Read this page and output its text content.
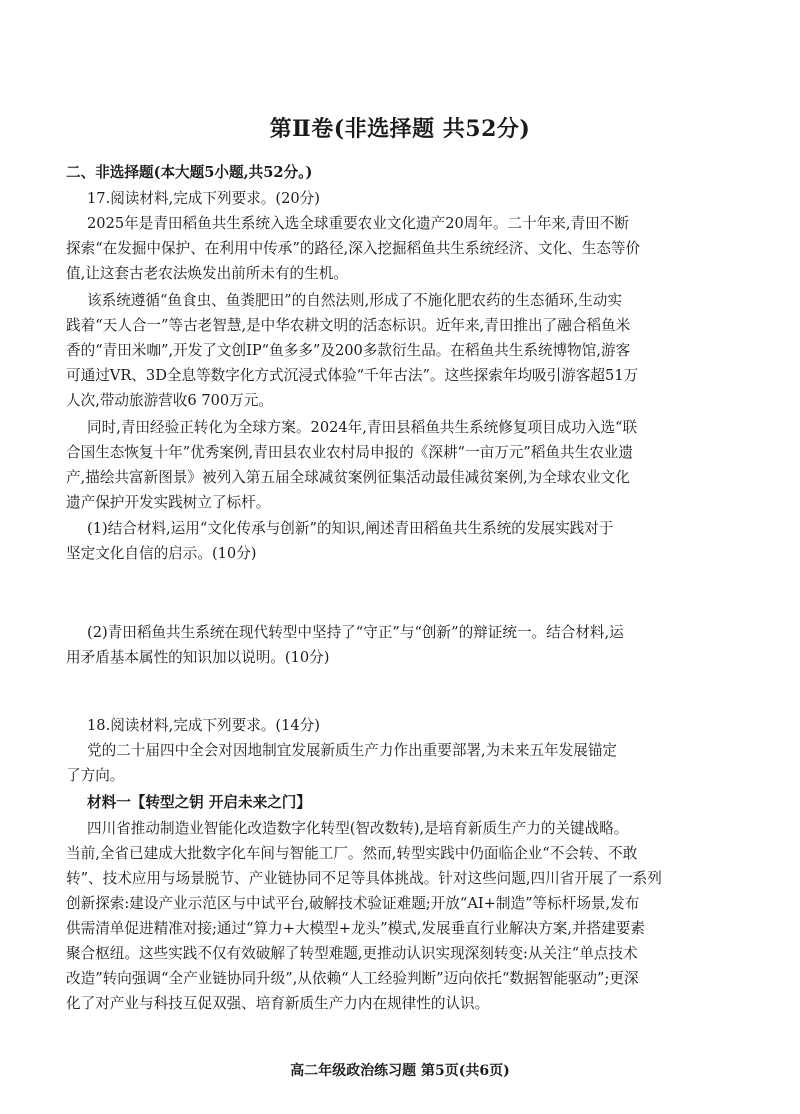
第Ⅱ卷(非选择题 共52分)
二、非选择题(本大题5小题,共52分。)
17.阅读材料,完成下列要求。(20分)
2025年是青田稻鱼共生系统入选全球重要农业文化遗产20周年。二十年来,青田不断
探索“在发掘中保护、在利用中传承”的路径,深入挖掘稻鱼共生系统经济、文化、生态等价
值,让这套古老农法焕发出前所未有的生机。
该系统遵循“鱼食虫、鱼粪肥田”的自然法则,形成了不施化肥农药的生态循环,生动实
践着“天人合一”等古老智慧,是中华农耕文明的活态标识。近年来,青田推出了融合稻鱼米
香的“青田米咖”,开发了文创IP“鱼多多”及200多款衍生品。在稻鱼共生系统博物馆,游客
可通过VR、3D全息等数字化方式沉浸式体验“千年古法”。这些探索年均吸引游客超51万
人次,带动旅游营收6 700万元。
同时,青田经验正转化为全球方案。2024年,青田县稻鱼共生系统修复项目成功入选“联
合国生态恢复十年”优秀案例,青田县农业农村局申报的《深耕“一亩万元”稻鱼共生农业遗
产,描绘共富新图景》被列入第五届全球减贫案例征集活动最佳减贫案例,为全球农业文化
遗产保护开发实践树立了标杆。
(1)结合材料,运用“文化传承与创新”的知识,阐述青田稻鱼共生系统的发展实践对于
坚定文化自信的启示。(10分)
(2)青田稻鱼共生系统在现代转型中坚持了“守正”与“创新”的辩证统一。结合材料,运
用矛盾基本属性的知识加以说明。(10分)
18.阅读材料,完成下列要求。(14分)
党的二十届四中全会对因地制宜发展新质生产力作出重要部署,为未来五年发展锚定
了方向。
材料一【转型之钥 开启未来之门】
四川省推动制造业智能化改造数字化转型(智改数转),是培育新质生产力的关键战略。
当前,全省已建成大批数字化车间与智能工厂。然而,转型实践中仍面临企业“不会转、不敢
转”、技术应用与场景脱节、产业链协同不足等具体挑战。针对这些问题,四川省开展了一系列
创新探索:建设产业示范区与中试平台,破解技术验证难题;开放“AI+制造”等标杆场景,发布
供需清单促进精准对接;通过“算力+大模型+龙头”模式,发展垂直行业解决方案,并搭建要素
聚合枢纽。这些实践不仅有效破解了转型难题,更推动认识实现深刻转变:从关注“单点技术
改造”转向强调“全产业链协同升级”,从依赖“人工经验判断”迈向依托“数据智能驱动”;更深
化了对产业与科技互促双强、培育新质生产力内在规律性的认识。
高二年级政治练习题 第5页(共6页)
